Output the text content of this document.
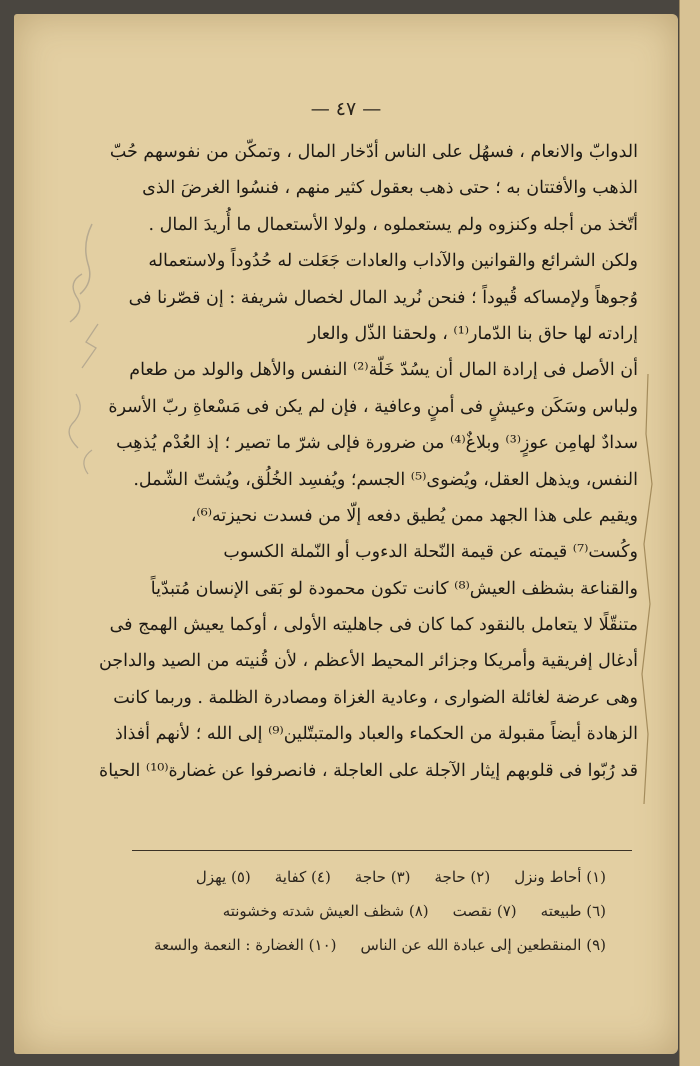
— ٤٧ —
الدوابّ والانعام ، فسهُل على الناس أدّخار المال ، وتمكّن من نفوسهم حُبّ
الذهب والأفتتان به ؛ حتى ذهب بعقول كثير منهم ، فنسُوا الغرضَ الذى
أتّخذ من أجله وكنزوه ولم يستعملوه ، ولولا الأستعمال ما أُريدَ المال .
ولكن الشرائع والقوانين والآداب والعادات جَعَلت له حُدُوداً ولاستعماله
وُجوهاً ولإمساكه قُيوداً ؛ فنحن نُريد المال لخصال شريفة : إن قصّرنا فى
إرادته لها حاق بنا الدّمار⁽¹⁾ ، ولحقنا الذّل والعار
أن الأصل فى إرادة المال أن يسُدّ خَلّة⁽²⁾ النفس والأهل والولد من طعام
ولباس وسَكَن وعيشٍ فى أمنٍ وعافية ، فإن لم يكن فى مَسْعاةِ ربّ الأسرة
سدادٌ لهامِن عوزٍ⁽³⁾ وبلاغٌ⁽⁴⁾ من ضرورة فإلى شرّ ما تصير ؛ إذ العُدْم يُذهِب
النفس، ويذهل العقل، ويُضوى⁽⁵⁾ الجسم؛ ويُفسِد الخُلُق، ويُشتّ الشّمل.
ويقيم على هذا الجهد ممن يُطيق دفعه إلّا من فسدت نحيزته⁽⁶⁾،
وكُست⁽⁷⁾ قيمته عن قيمة النّحلة الدءوب أو النّملة الكسوب
والقناعة بشظف العيش⁽⁸⁾ كانت تكون محمودة لو بَقى الإنسان مُتبدّياً
متنقّلًا لا يتعامل بالنقود كما كان فى جاهليته الأولى ، أوكما يعيش الهمج فى
أدغال إفريقية وأمريكا وجزائر المحيط الأعظم ، لأن قُنيته من الصيد والداجن
وهى عرضة لغائلة الضوارى ، وعادية الغزاة ومصادرة الظلمة . وربما كانت
الزهادة أيضاً مقبولة من الحكماء والعباد والمتبتّلين⁽⁹⁾ إلى الله ؛ لأنهم أفذاذ
قد رُبّوا فى قلوبهم إيثار الآجلة على العاجلة ، فانصرفوا عن غضارة⁽¹⁰⁾ الحياة
(١) أحاط ونزل
(٢) حاجة
(٣) حاجة
(٤) كفاية
(٥) يهزل
(٦) طبيعته
(٧) نقصت
(٨) شظف العيش شدته وخشونته
(٩) المنقطعين إلى عبادة الله عن الناس
(١٠) الغضارة : النعمة والسعة
